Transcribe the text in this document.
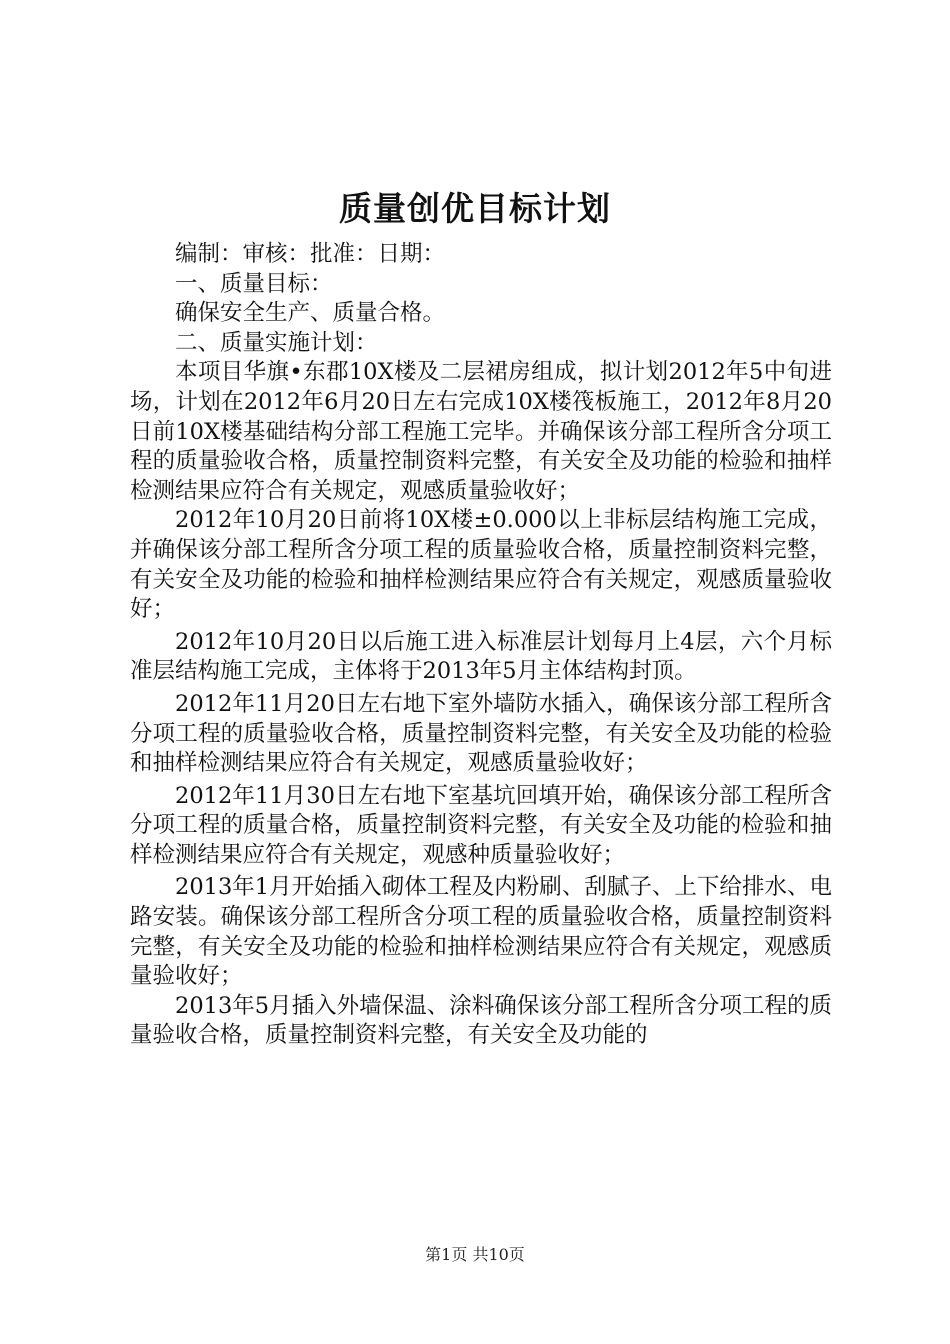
质量创优目标计划

编制：审核：批准：日期：

一、质量目标：

确保安全生产、质量合格。

二、质量实施计划：

本项目华旗•东郡10X楼及二层裙房组成，拟计划2012年5中旬进场，计划在2012年6月20日左右完成10X楼筏板施工，2012年8月20日前10X楼基础结构分部工程施工完毕。并确保该分部工程所含分项工程的质量验收合格，质量控制资料完整，有关安全及功能的检验和抽样检测结果应符合有关规定，观感质量验收好；

2012年10月20日前将10X楼±0.000以上非标层结构施工完成，并确保该分部工程所含分项工程的质量验收合格，质量控制资料完整，有关安全及功能的检验和抽样检测结果应符合有关规定，观感质量验收好；

2012年10月20日以后施工进入标准层计划每月上4层，六个月标准层结构施工完成，主体将于2013年5月主体结构封顶。

2012年11月20日左右地下室外墙防水插入，确保该分部工程所含分项工程的质量验收合格，质量控制资料完整，有关安全及功能的检验和抽样检测结果应符合有关规定，观感质量验收好；

2012年11月30日左右地下室基坑回填开始，确保该分部工程所含分项工程的质量合格，质量控制资料完整，有关安全及功能的检验和抽样检测结果应符合有关规定，观感种质量验收好；

2013年1月开始插入砌体工程及内粉刷、刮腻子、上下给排水、电路安装。确保该分部工程所含分项工程的质量验收合格，质量控制资料完整，有关安全及功能的检验和抽样检测结果应符合有关规定，观感质量验收好；

2013年5月插入外墙保温、涂料确保该分部工程所含分项工程的质量验收合格，质量控制资料完整，有关安全及功能的

第1页 共10页
